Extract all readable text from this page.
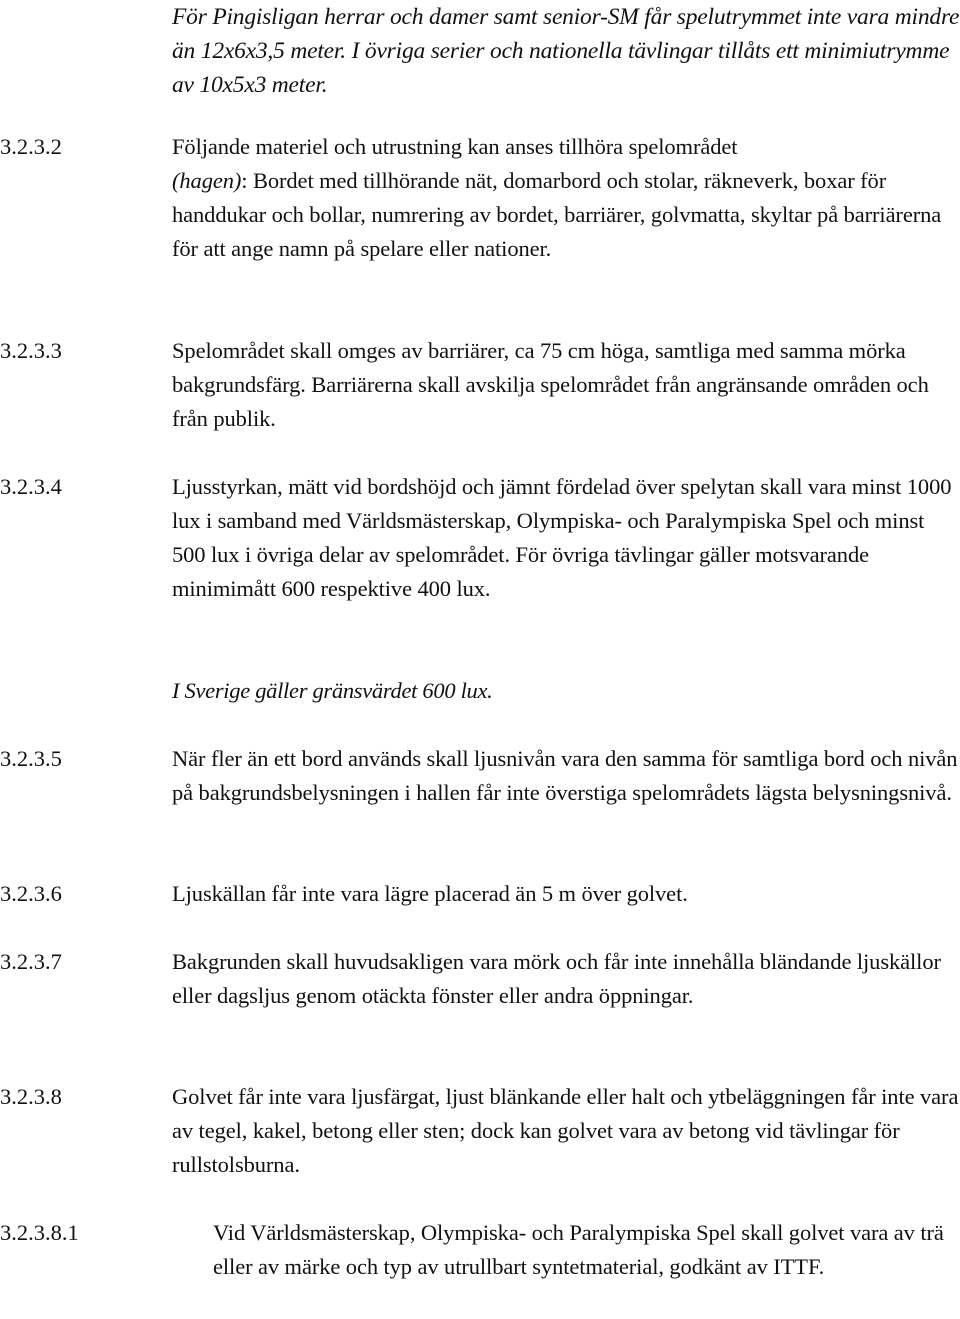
För Pingisligan herrar och damer samt senior-SM får spelutrymmet inte vara mindre än 12x6x3,5 meter. I övriga serier och nationella tävlingar tillåts ett minimiutrymme av 10x5x3 meter.
3.2.3.2	Följande materiel och utrustning kan anses tillhöra spelområdet
(hagen): Bordet med tillhörande nät, domarbord och stolar, räkneverk, boxar för handdukar och bollar, numrering av bordet, barriärer, golvmatta, skyltar på barriärerna för att ange namn på spelare eller nationer.
3.2.3.3	Spelområdet skall omges av barriärer, ca 75 cm höga, samtliga med samma mörka bakgrundsfärg. Barriärerna skall avskilja spelområdet från angränsande områden och från publik.
3.2.3.4	Ljusstyrkan, mätt vid bordshöjd och jämnt fördelad över spelytan skall vara minst 1000 lux i samband med Världsmästerskap, Olympiska- och Paralympiska Spel och minst 500 lux i övriga delar av spelområdet. För övriga tävlingar gäller motsvarande minimimått 600 respektive 400 lux.
I Sverige gäller gränsvärdet 600 lux.
3.2.3.5	När fler än ett bord används skall ljusnivån vara den samma för samtliga bord och nivån på bakgrundsbelysningen i hallen får inte överstiga spelområdets lägsta belysningsnivå.
3.2.3.6	Ljuskällan får inte vara lägre placerad än 5 m över golvet.
3.2.3.7	Bakgrunden skall huvudsakligen vara mörk och får inte innehålla bländande ljuskällor eller dagsljus genom otäckta fönster eller andra öppningar.
3.2.3.8	Golvet får inte vara ljusfärgat, ljust blänkande eller halt och ytbeläggningen får inte vara av tegel, kakel, betong eller sten; dock kan golvet vara av betong vid tävlingar för rullstolsburna.
3.2.3.8.1	Vid Världsmästerskap, Olympiska- och Paralympiska Spel skall golvet vara av trä eller av märke och typ av utrullbart syntetmaterial, godkänt av ITTF.
